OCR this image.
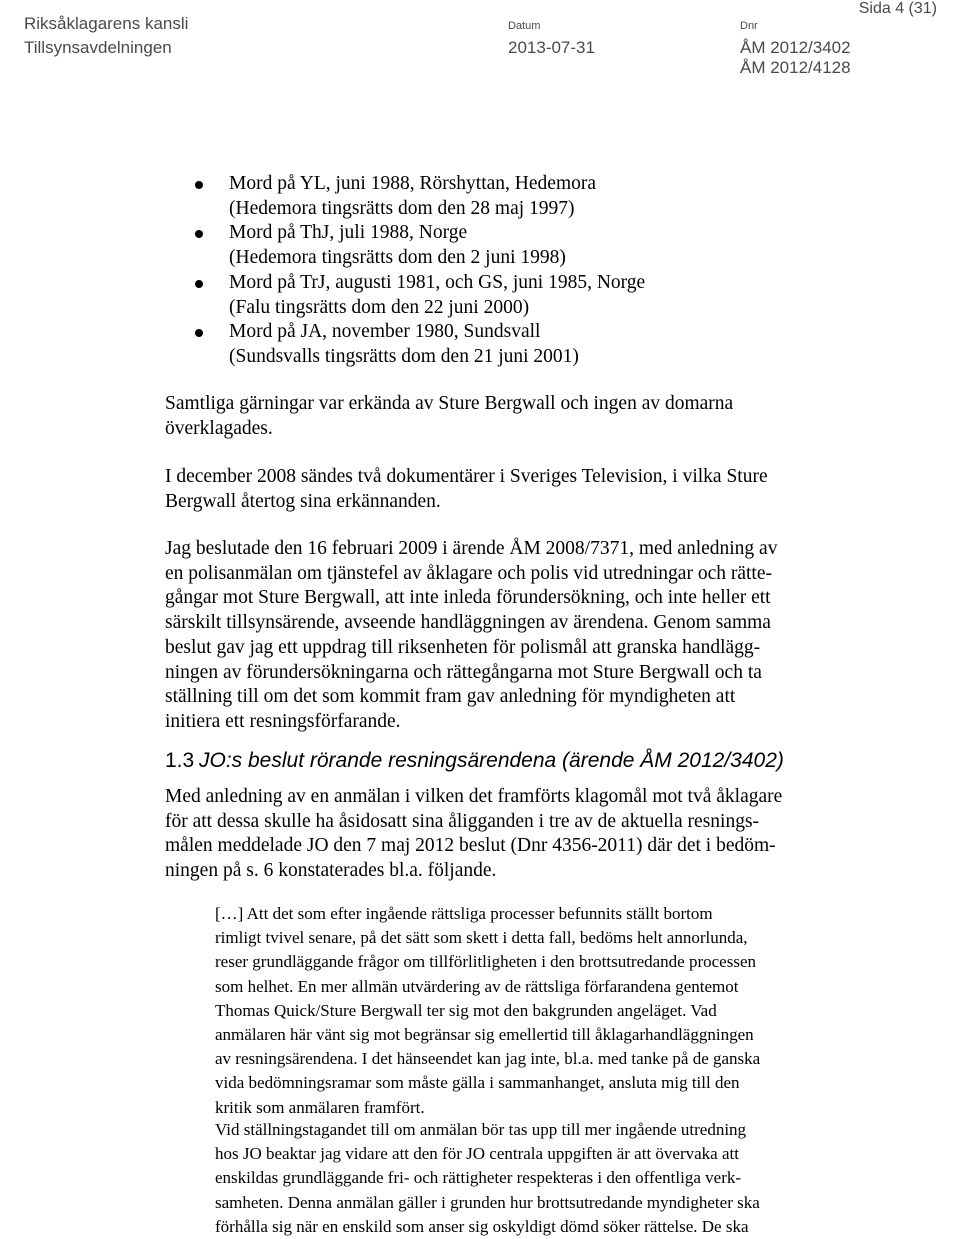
Riksåklagarens kansli
Tillsynsavdelningen
Datum
2013-07-31
Dnr
ÅM 2012/3402
ÅM 2012/4128
Sida 4 (31)
Mord på YL, juni 1988, Rörshyttan, Hedemora
(Hedemora tingsrätts dom den 28 maj 1997)
Mord på ThJ, juli 1988, Norge
(Hedemora tingsrätts dom den 2 juni 1998)
Mord på TrJ, augusti 1981, och GS, juni 1985, Norge
(Falu tingsrätts dom den 22 juni 2000)
Mord på JA, november 1980, Sundsvall
(Sundsvalls tingsrätts dom den 21 juni 2001)
Samtliga gärningar var erkända av Sture Bergwall och ingen av domarna
överklagades.
I december 2008 sändes två dokumentärer i Sveriges Television, i vilka Sture
Bergwall återtog sina erkännanden.
Jag beslutade den 16 februari 2009 i ärende ÅM 2008/7371, med anledning av
en polisanmälan om tjänstefel av åklagare och polis vid utredningar och rätte-
gångar mot Sture Bergwall, att inte inleda förundersökning, och inte heller ett
särskilt tillsynsärende, avseende handläggningen av ärendena. Genom samma
beslut gav jag ett uppdrag till riksenheten för polismål att granska handlägg-
ningen av förundersökningarna och rättegångarna mot Sture Bergwall och ta
ställning till om det som kommit fram gav anledning för myndigheten att
initiera ett resningsförfarande.
1.3 JO:s beslut rörande resningsärendena (ärende ÅM 2012/3402)
Med anledning av en anmälan i vilken det framförts klagomål mot två åklagare
för att dessa skulle ha åsidosatt sina åligganden i tre av de aktuella resnings-
målen meddelade JO den 7 maj 2012 beslut (Dnr 4356-2011) där det i bedöm-
ningen på s. 6 konstaterades bl.a. följande.
[…] Att det som efter ingående rättsliga processer befunnits ställt bortom
rimligt tvivel senare, på det sätt som skett i detta fall, bedöms helt annorlunda,
reser grundläggande frågor om tillförlitligheten i den brottsutredande processen
som helhet. En mer allmän utvärdering av de rättsliga förfarandena gentemot
Thomas Quick/Sture Bergwall ter sig mot den bakgrunden angeläget. Vad
anmälaren här vänt sig mot begränsar sig emellertid till åklagarhandläggningen
av resningsärendena. I det hänseendet kan jag inte, bl.a. med tanke på de ganska
vida bedömningsramar som måste gälla i sammanhanget, ansluta mig till den
kritik som anmälaren framfört.
Vid ställningstagandet till om anmälan bör tas upp till mer ingående utredning
hos JO beaktar jag vidare att den för JO centrala uppgiften är att övervaka att
enskildas grundläggande fri- och rättigheter respekteras i den offentliga verk-
samheten. Denna anmälan gäller i grunden hur brottsutredande myndigheter ska
förhålla sig när en enskild som anser sig oskyldigt dömd söker rättelse. De ska
